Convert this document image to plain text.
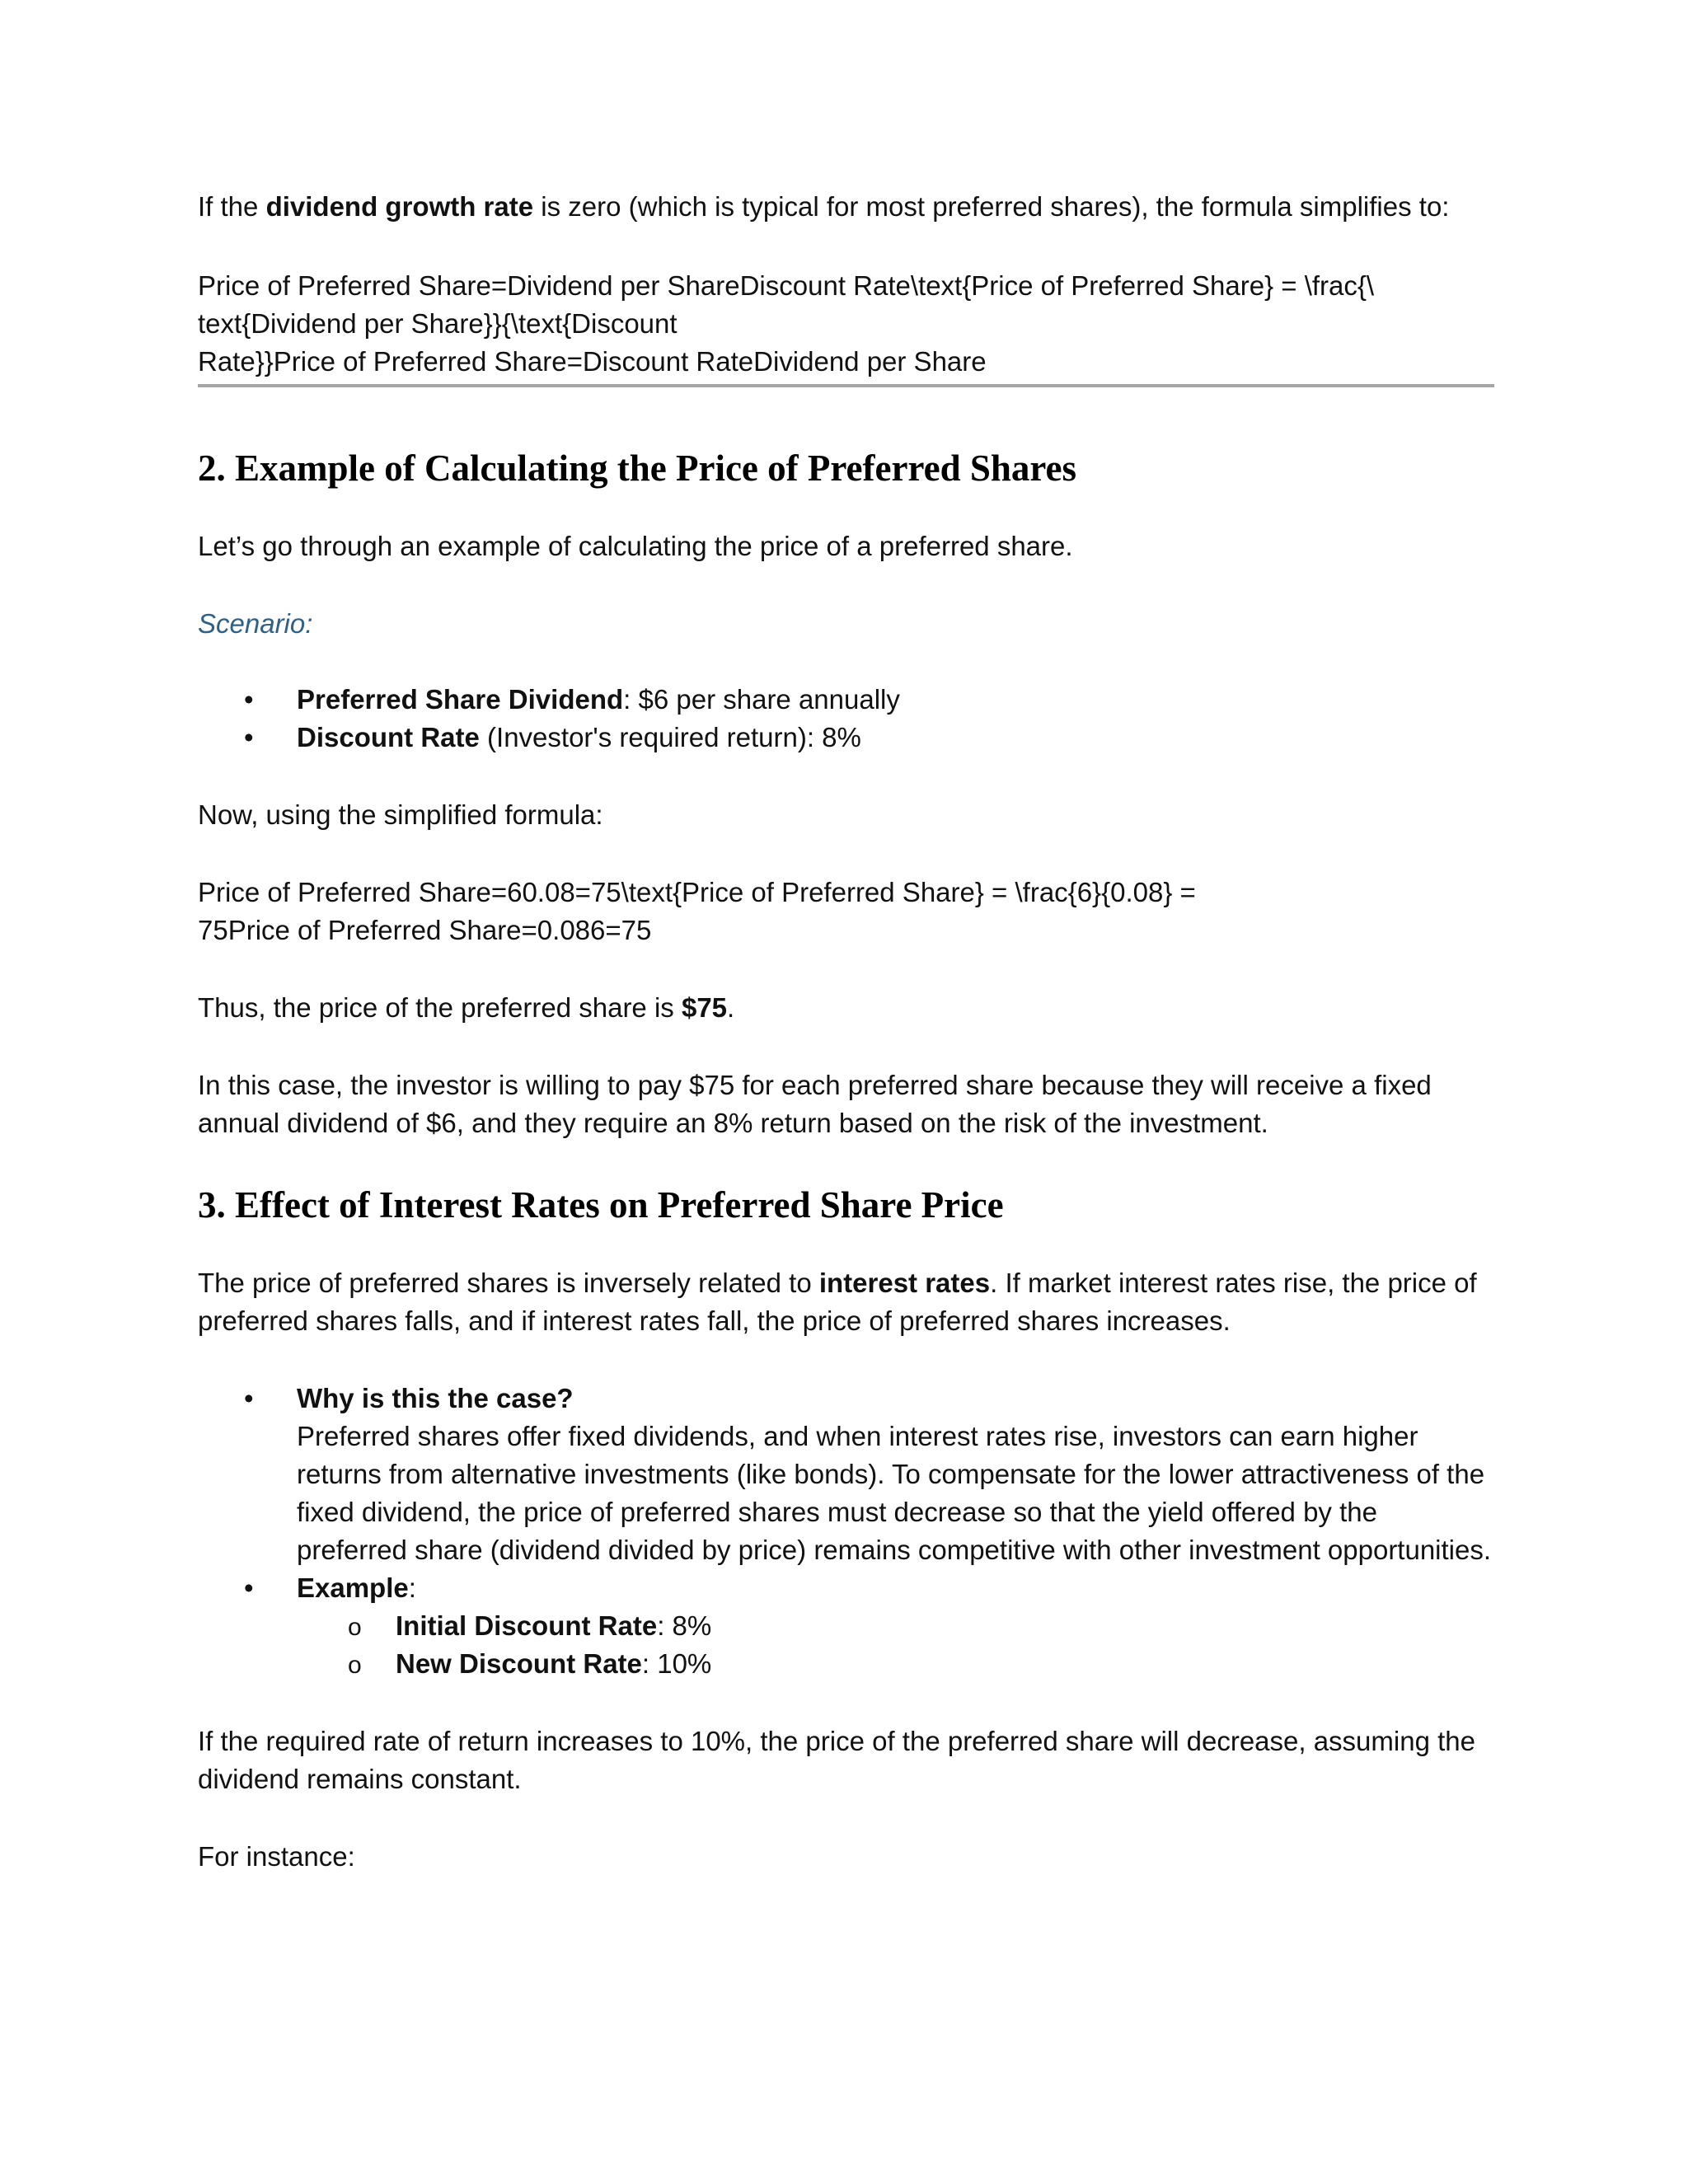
If the dividend growth rate is zero (which is typical for most preferred shares), the formula simplifies to:

Price of Preferred Share=Dividend per ShareDiscount Rate\text{Price of Preferred Share} = \frac{\
text{Dividend per Share}}{\text{Discount
Rate}}Price of Preferred Share=Discount RateDividend per Share

2. Example of Calculating the Price of Preferred Shares

Let’s go through an example of calculating the price of a preferred share.

Scenario:

• Preferred Share Dividend: $6 per share annually
• Discount Rate (Investor's required return): 8%

Now, using the simplified formula:

Price of Preferred Share=60.08=75\text{Price of Preferred Share} = \frac{6}{0.08} =
75Price of Preferred Share=0.086=75

Thus, the price of the preferred share is $75.

In this case, the investor is willing to pay $75 for each preferred share because they will receive a fixed annual dividend of $6, and they require an 8% return based on the risk of the investment.

3. Effect of Interest Rates on Preferred Share Price

The price of preferred shares is inversely related to interest rates. If market interest rates rise, the price of preferred shares falls, and if interest rates fall, the price of preferred shares increases.

• Why is this the case?
Preferred shares offer fixed dividends, and when interest rates rise, investors can earn higher returns from alternative investments (like bonds). To compensate for the lower attractiveness of the fixed dividend, the price of preferred shares must decrease so that the yield offered by the preferred share (dividend divided by price) remains competitive with other investment opportunities.
• Example:
o Initial Discount Rate: 8%
o New Discount Rate: 10%

If the required rate of return increases to 10%, the price of the preferred share will decrease, assuming the dividend remains constant.

For instance:
